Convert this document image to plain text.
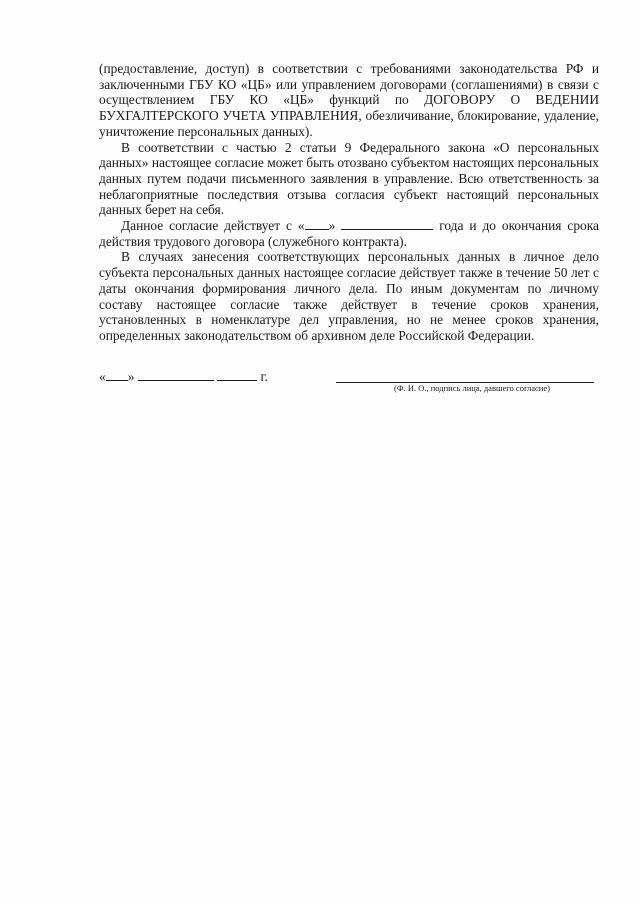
(предоставление, доступ) в соответствии с требованиями законодательства РФ и заключенными ГБУ КО «ЦБ» или управлением договорами (соглашениями) в связи с осуществлением ГБУ КО «ЦБ» функций по ДОГОВОРУ О ВЕДЕНИИ БУХГАЛТЕРСКОГО УЧЕТА УПРАВЛЕНИЯ, обезличивание, блокирование, удаление, уничтожение персональных данных).

В соответствии с частью 2 статьи 9 Федерального закона «О персональных данных» настоящее согласие может быть отозвано субъектом настоящих персональных данных путем подачи письменного заявления в управление. Всю ответственность за неблагоприятные последствия отзыва согласия субъект настоящий персональных данных берет на себя.

Данное согласие действует с « »	года и до окончания срока действия трудового договора (служебного контракта).

В случаях занесения соответствующих персональных данных в личное дело субъекта персональных данных настоящее согласие действует также в течение 50 лет с даты окончания формирования личного дела. По иным документам по личному составу настоящее согласие также действует в течение сроков хранения, установленных в номенклатуре дел управления, но не менее сроков хранения, определенных законодательством об архивном деле Российской Федерации.

« »	г.
(Ф. И. О., подпись лица, давшего согласие)
